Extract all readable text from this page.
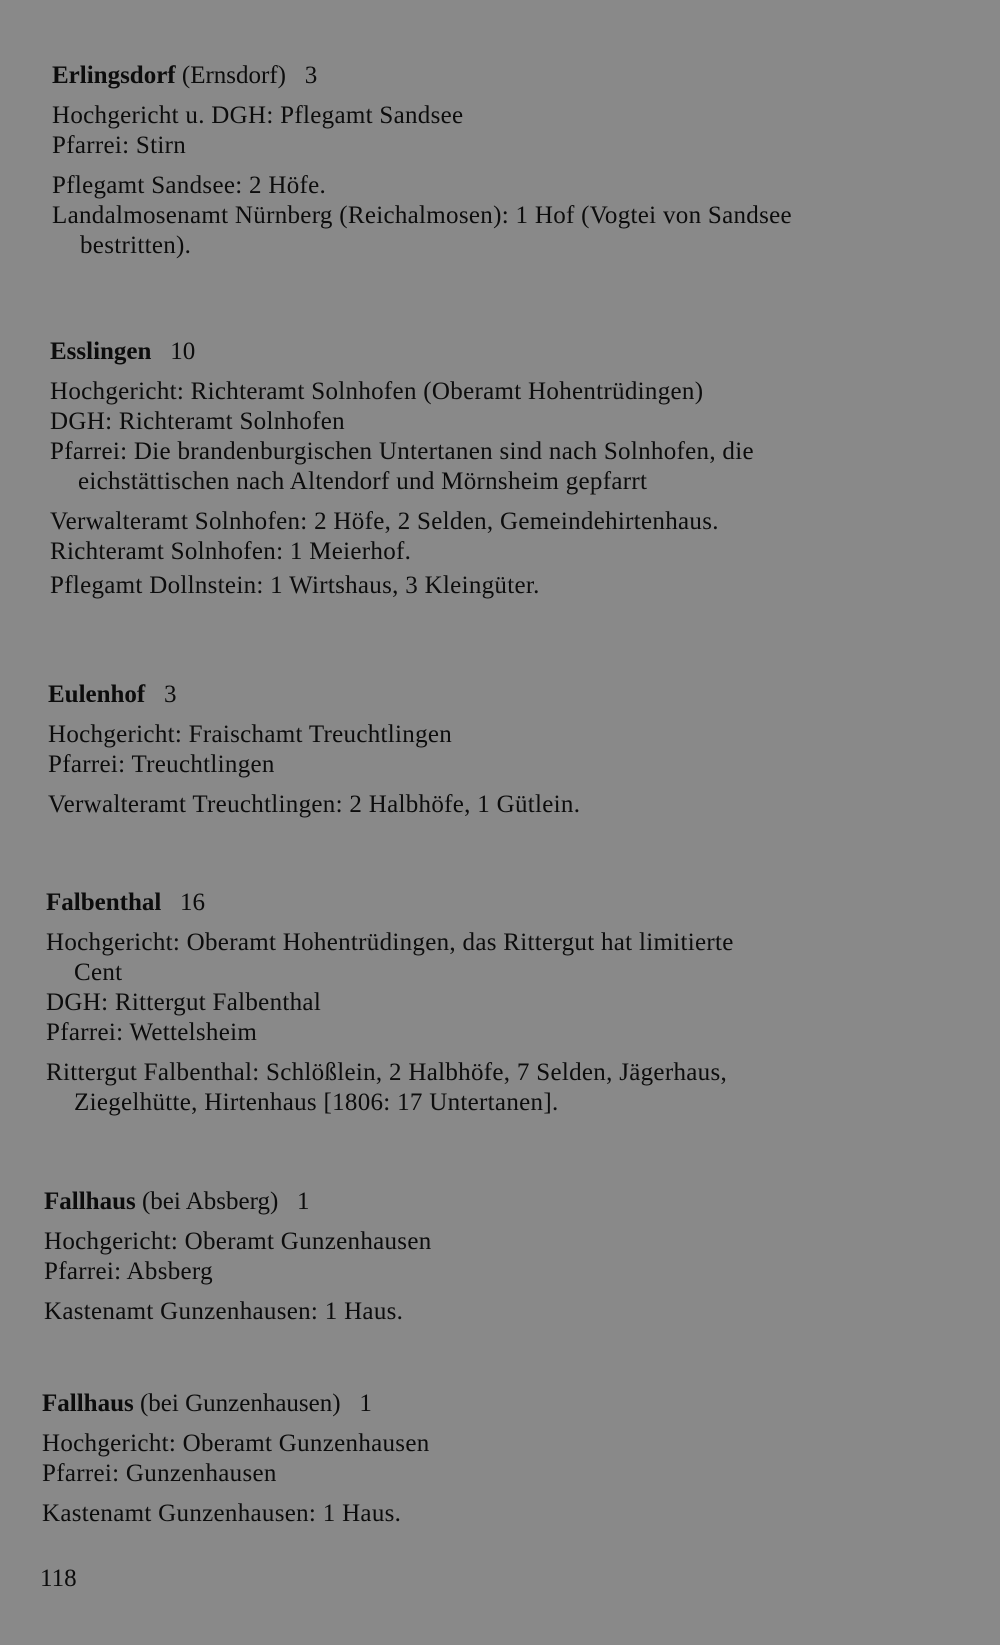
Erlingsdorf (Ernsdorf)   3
Hochgericht u. DGH: Pflegamt Sandsee
Pfarrei: Stirn
Pflegamt Sandsee: 2 Höfe.
Landalmosenamt Nürnberg (Reichalmosen): 1 Hof (Vogtei von Sandsee
bestritten).
Esslingen   10
Hochgericht: Richteramt Solnhofen (Oberamt Hohentrüdingen)
DGH: Richteramt Solnhofen
Pfarrei: Die brandenburgischen Untertanen sind nach Solnhofen, die
eichstättischen nach Altendorf und Mörnsheim gepfarrt
Verwalteramt Solnhofen: 2 Höfe, 2 Selden, Gemeindehirtenhaus.
Richteramt Solnhofen: 1 Meierhof.
Pflegamt Dollnstein: 1 Wirtshaus, 3 Kleingüter.
Eulenhof   3
Hochgericht: Fraischamt Treuchtlingen
Pfarrei: Treuchtlingen
Verwalteramt Treuchtlingen: 2 Halbhöfe, 1 Gütlein.
Falbenthal   16
Hochgericht: Oberamt Hohentrüdingen, das Rittergut hat limitierte
Cent
DGH: Rittergut Falbenthal
Pfarrei: Wettelsheim
Rittergut Falbenthal: Schlößlein, 2 Halbhöfe, 7 Selden, Jägerhaus,
Ziegelhütte, Hirtenhaus [1806: 17 Untertanen].
Fallhaus (bei Absberg)   1
Hochgericht: Oberamt Gunzenhausen
Pfarrei: Absberg
Kastenamt Gunzenhausen: 1 Haus.
Fallhaus (bei Gunzenhausen)   1
Hochgericht: Oberamt Gunzenhausen
Pfarrei: Gunzenhausen
Kastenamt Gunzenhausen: 1 Haus.
118
